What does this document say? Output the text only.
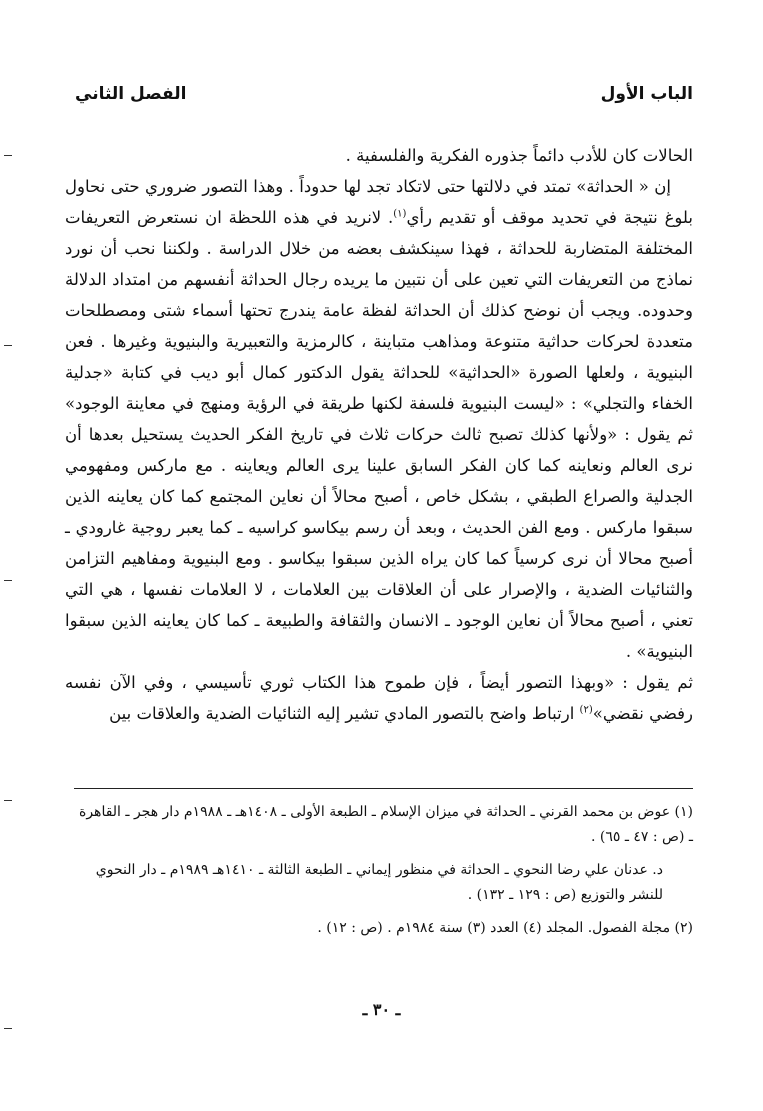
الباب الأول
الفصل الثاني

الحالات كان للأدب دائماً جذوره الفكرية والفلسفية .

إن « الحداثة» تمتد في دلالتها حتى لاتكاد تجد لها حدوداً . وهذا التصور ضروري حتى نحاول بلوغ نتيجة في تحديد موقف أو تقديم رأي$^{(١)}$. لانريد في هذه اللحظة ان نستعرض التعريفات المختلفة المتضاربة للحداثة ، فهذا سينكشف بعضه من خلال الدراسة . ولكننا نحب أن نورد نماذج من التعريفات التي تعين على أن نتبين ما يريده رجال الحداثة أنفسهم من امتداد الدلالة وحدوده. ويجب أن نوضح كذلك أن الحداثة لفظة عامة يندرج تحتها أسماء شتى ومصطلحات متعددة لحركات حداثية متنوعة ومذاهب متباينة ، كالرمزية والتعبيرية والبنيوية وغيرها . فعن البنيوية ، ولعلها الصورة «الحداثية» للحداثة يقول الدكتور كمال أبو ديب في كتابة «جدلية الخفاء والتجلي» : «ليست البنيوية فلسفة لكنها طريقة في الرؤية ومنهج في معاينة الوجود» ثم يقول : «ولأنها كذلك تصبح ثالث حركات ثلاث في تاريخ الفكر الحديث يستحيل بعدها أن نرى العالم ونعاينه كما كان الفكر السابق علينا يرى العالم ويعاينه . مع ماركس ومفهومي الجدلية والصراع الطبقي ، بشكل خاص ، أصبح محالاً أن نعاين المجتمع كما كان يعاينه الذين سبقوا ماركس . ومع الفن الحديث ، وبعد أن رسم بيكاسو كراسيه ـ كما يعبر روجية غارودي ـ أصبح محالا أن نرى كرسياً كما كان يراه الذين سبقوا بيكاسو . ومع البنيوية ومفاهيم التزامن والثنائيات الضدية ، والإصرار على أن العلاقات بين العلامات ، لا العلامات نفسها ، هي التي تعني ، أصبح محالاً أن نعاين الوجود ـ الانسان والثقافة والطبيعة ـ كما كان يعاينه الذين سبقوا البنيوية» .

ثم يقول : «وبهذا التصور أيضاً ، فإن طموح هذا الكتاب ثوري تأسيسي ، وفي الآن نفسه رفضي نقضي»$^{(٢)}$ ارتباط واضح بالتصور المادي تشير إليه الثنائيات الضدية والعلاقات بين

(١) عوض بن محمد القرني ـ الحداثة في ميزان الإسلام ـ الطبعة الأولى ـ ١٤٠٨هـ ـ ١٩٨٨م دار هجر ـ القاهرة ـ (ص : ٤٧ ـ ٦٥) .

د. عدنان علي رضا النحوي ـ الحداثة في منظور إيماني ـ الطبعة الثالثة ـ ١٤١٠هـ ١٩٨٩م ـ دار النحوي للنشر والتوزيع (ص : ١٢٩ ـ ١٣٢) .

(٢) مجلة الفصول. المجلد (٤) العدد (٣) سنة ١٩٨٤م . (ص : ١٢) .

ـ ٣٠ ـ
